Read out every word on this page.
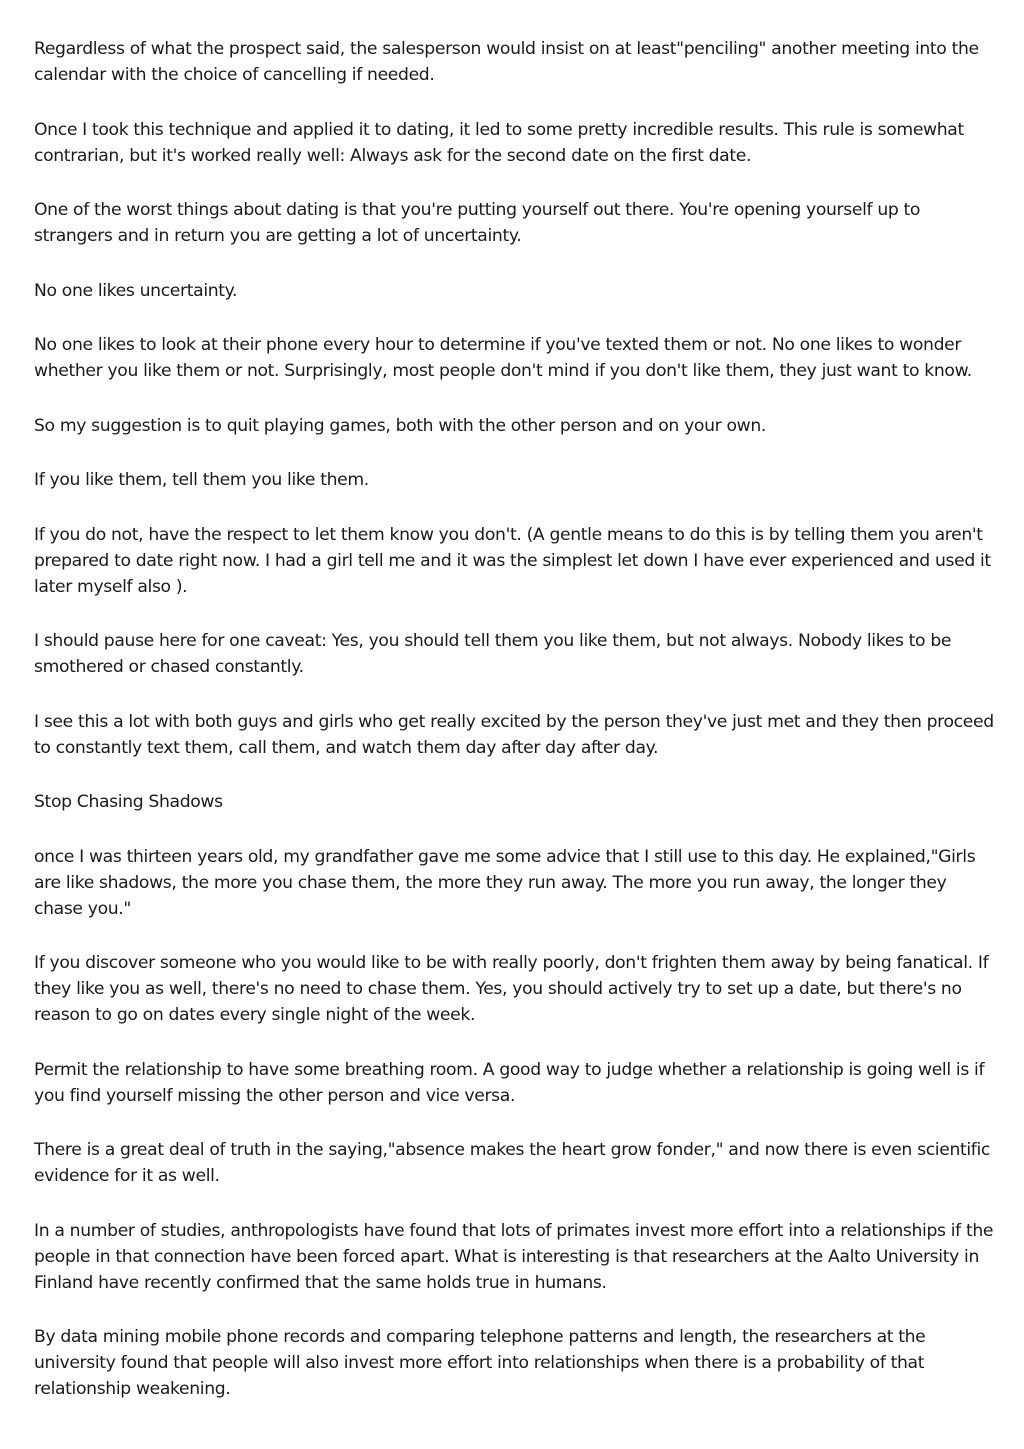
Regardless of what the prospect said, the salesperson would insist on at least"penciling" another meeting into the calendar with the choice of cancelling if needed.

Once I took this technique and applied it to dating, it led to some pretty incredible results. This rule is somewhat contrarian, but it's worked really well: Always ask for the second date on the first date.

One of the worst things about dating is that you're putting yourself out there. You're opening yourself up to strangers and in return you are getting a lot of uncertainty.

No one likes uncertainty.

No one likes to look at their phone every hour to determine if you've texted them or not. No one likes to wonder whether you like them or not. Surprisingly, most people don't mind if you don't like them, they just want to know.

So my suggestion is to quit playing games, both with the other person and on your own.

If you like them, tell them you like them.

If you do not, have the respect to let them know you don't. (A gentle means to do this is by telling them you aren't prepared to date right now. I had a girl tell me and it was the simplest let down I have ever experienced and used it later myself also ).

I should pause here for one caveat: Yes, you should tell them you like them, but not always. Nobody likes to be smothered or chased constantly.

I see this a lot with both guys and girls who get really excited by the person they've just met and they then proceed to constantly text them, call them, and watch them day after day after day.

Stop Chasing Shadows

once I was thirteen years old, my grandfather gave me some advice that I still use to this day. He explained,"Girls are like shadows, the more you chase them, the more they run away. The more you run away, the longer they chase you."

If you discover someone who you would like to be with really poorly, don't frighten them away by being fanatical. If they like you as well, there's no need to chase them. Yes, you should actively try to set up a date, but there's no reason to go on dates every single night of the week.

Permit the relationship to have some breathing room. A good way to judge whether a relationship is going well is if you find yourself missing the other person and vice versa.

There is a great deal of truth in the saying,"absence makes the heart grow fonder," and now there is even scientific evidence for it as well.

In a number of studies, anthropologists have found that lots of primates invest more effort into a relationships if the people in that connection have been forced apart. What is interesting is that researchers at the Aalto University in Finland have recently confirmed that the same holds true in humans.

By data mining mobile phone records and comparing telephone patterns and length, the researchers at the university found that people will also invest more effort into relationships when there is a probability of that relationship weakening.
